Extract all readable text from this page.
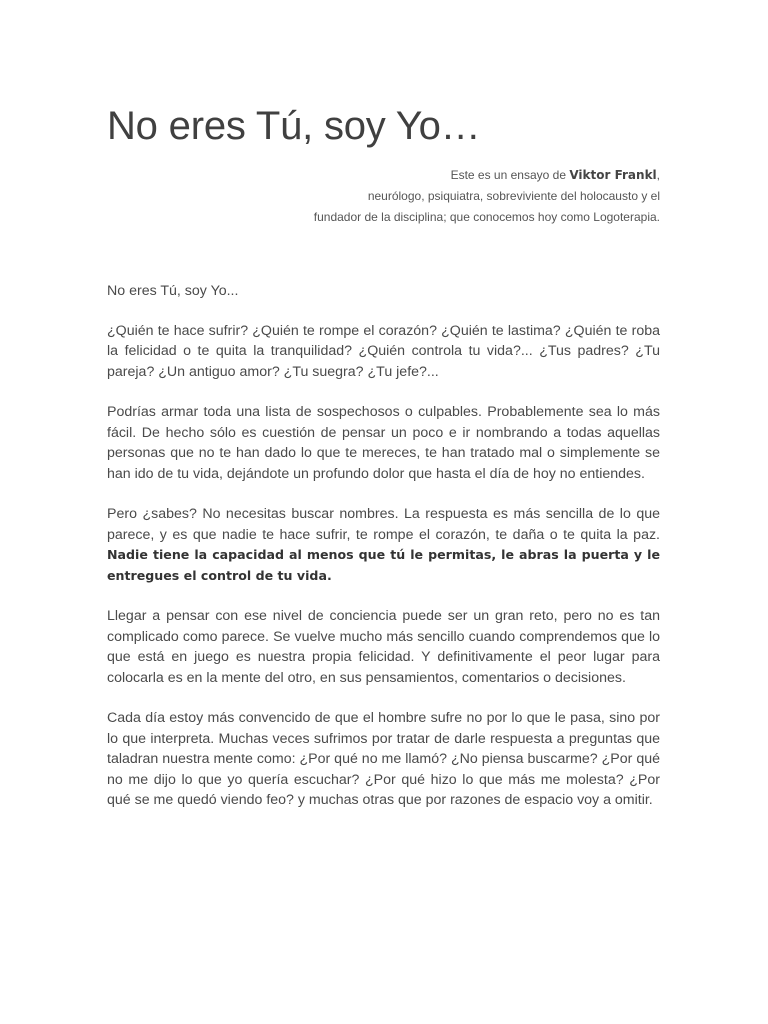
No eres Tú, soy Yo…
Este es un ensayo de Viktor Frankl,
neurólogo, psiquiatra, sobreviviente del holocausto y el
fundador de la disciplina; que conocemos hoy como Logoterapia.

No eres Tú, soy Yo...

¿Quién te hace sufrir? ¿Quién te rompe el corazón? ¿Quién te lastima? ¿Quién te roba la felicidad o te quita la tranquilidad? ¿Quién controla tu vida?... ¿Tus padres? ¿Tu pareja? ¿Un antiguo amor? ¿Tu suegra? ¿Tu jefe?...

Podrías armar toda una lista de sospechosos o culpables. Probablemente sea lo más fácil. De hecho sólo es cuestión de pensar un poco e ir nombrando a todas aquellas personas que no te han dado lo que te mereces, te han tratado mal o simplemente se han ido de tu vida, dejándote un profundo dolor que hasta el día de hoy no entiendes.

Pero ¿sabes? No necesitas buscar nombres. La respuesta es más sencilla de lo que parece, y es que nadie te hace sufrir, te rompe el corazón, te daña o te quita la paz. Nadie tiene la capacidad al menos que tú le permitas, le abras la puerta y le entregues el control de tu vida.

Llegar a pensar con ese nivel de conciencia puede ser un gran reto, pero no es tan complicado como parece. Se vuelve mucho más sencillo cuando comprendemos que lo que está en juego es nuestra propia felicidad. Y definitivamente el peor lugar para colocarla es en la mente del otro, en sus pensamientos, comentarios o decisiones.

Cada día estoy más convencido de que el hombre sufre no por lo que le pasa, sino por lo que interpreta. Muchas veces sufrimos por tratar de darle respuesta a preguntas que taladran nuestra mente como: ¿Por qué no me llamó? ¿No piensa buscarme? ¿Por qué no me dijo lo que yo quería escuchar? ¿Por qué hizo lo que más me molesta? ¿Por qué se me quedó viendo feo? y muchas otras que por razones de espacio voy a omitir.
